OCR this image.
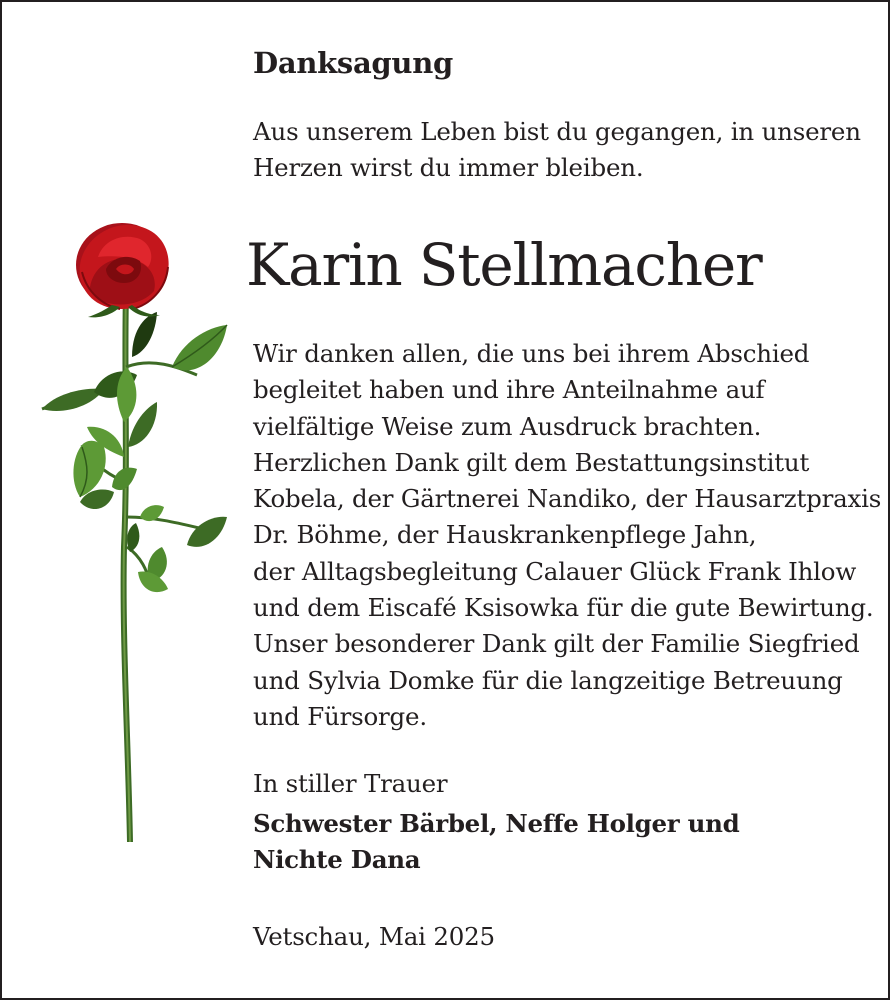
Danksagung

Aus unserem Leben bist du gegangen, in unseren
Herzen wirst du immer bleiben.

Karin Stellmacher

Wir danken allen, die uns bei ihrem Abschied
begleitet haben und ihre Anteilnahme auf
vielfältige Weise zum Ausdruck brachten.
Herzlichen Dank gilt dem Bestattungsinstitut
Kobela, der Gärtnerei Nandiko, der Hausarztpraxis
Dr. Böhme, der Hauskrankenpflege Jahn,
der Alltagsbegleitung Calauer Glück Frank Ihlow
und dem Eiscafé Ksisowka für die gute Bewirtung.
Unser besonderer Dank gilt der Familie Siegfried
und Sylvia Domke für die langzeitige Betreuung
und Fürsorge.

In stiller Trauer

Schwester Bärbel, Neffe Holger und
Nichte Dana

Vetschau, Mai 2025
